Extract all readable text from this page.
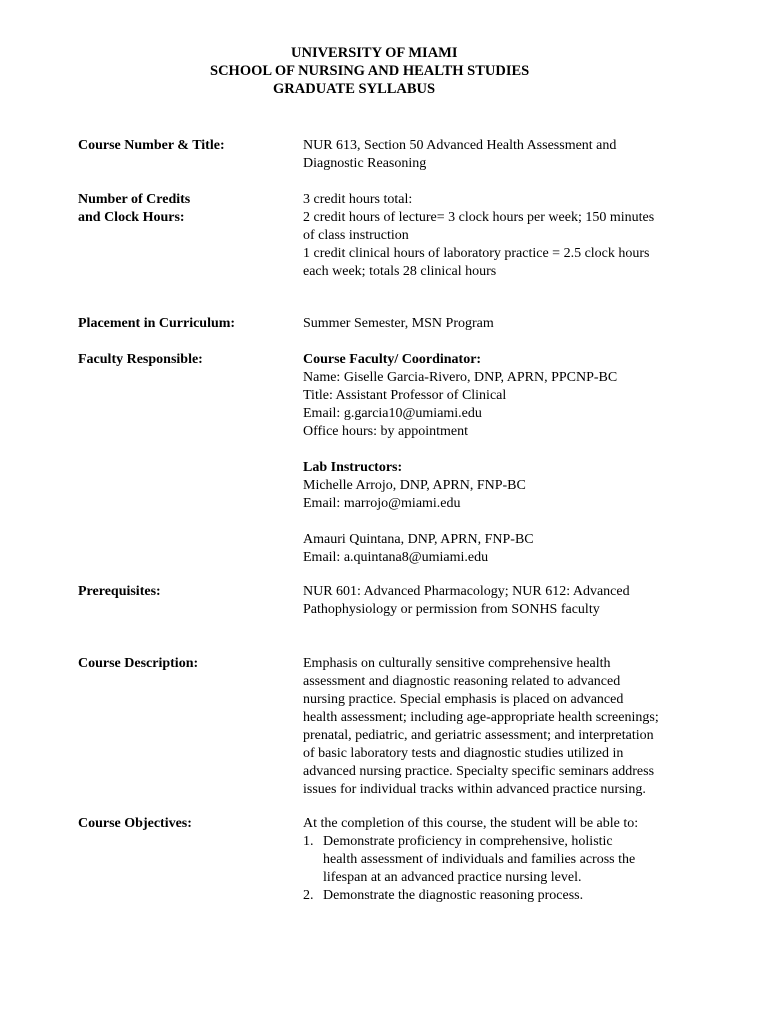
UNIVERSITY OF MIAMI
SCHOOL OF NURSING AND HEALTH STUDIES
GRADUATE SYLLABUS
Course Number & Title:	NUR 613, Section 50 Advanced Health Assessment and
Diagnostic Reasoning
Number of Credits
and Clock Hours:
3 credit hours total:
2 credit hours of lecture= 3 clock hours per week; 150 minutes
of class instruction
1 credit clinical hours of laboratory practice = 2.5 clock hours
each week; totals 28 clinical hours
Placement in Curriculum:	Summer Semester, MSN Program
Faculty Responsible:	Course Faculty/ Coordinator:
Name: Giselle Garcia-Rivero, DNP, APRN, PPCNP-BC
Title: Assistant Professor of Clinical
Email: g.garcia10@umiami.edu
Office hours: by appointment
Lab Instructors:
Michelle Arrojo, DNP, APRN, FNP-BC
Email: marrojo@miami.edu
Amauri Quintana, DNP, APRN, FNP-BC
Email: a.quintana8@umiami.edu
Prerequisites:	NUR 601: Advanced Pharmacology; NUR 612: Advanced
Pathophysiology or permission from SONHS faculty
Course Description:	Emphasis on culturally sensitive comprehensive health
assessment and diagnostic reasoning related to advanced
nursing practice. Special emphasis is placed on advanced
health assessment; including age-appropriate health screenings;
prenatal, pediatric, and geriatric assessment; and interpretation
of basic laboratory tests and diagnostic studies utilized in
advanced nursing practice. Specialty specific seminars address
issues for individual tracks within advanced practice nursing.
Course Objectives:	At the completion of this course, the student will be able to:
1. Demonstrate proficiency in comprehensive, holistic
health assessment of individuals and families across the
lifespan at an advanced practice nursing level.
2. Demonstrate the diagnostic reasoning process.
